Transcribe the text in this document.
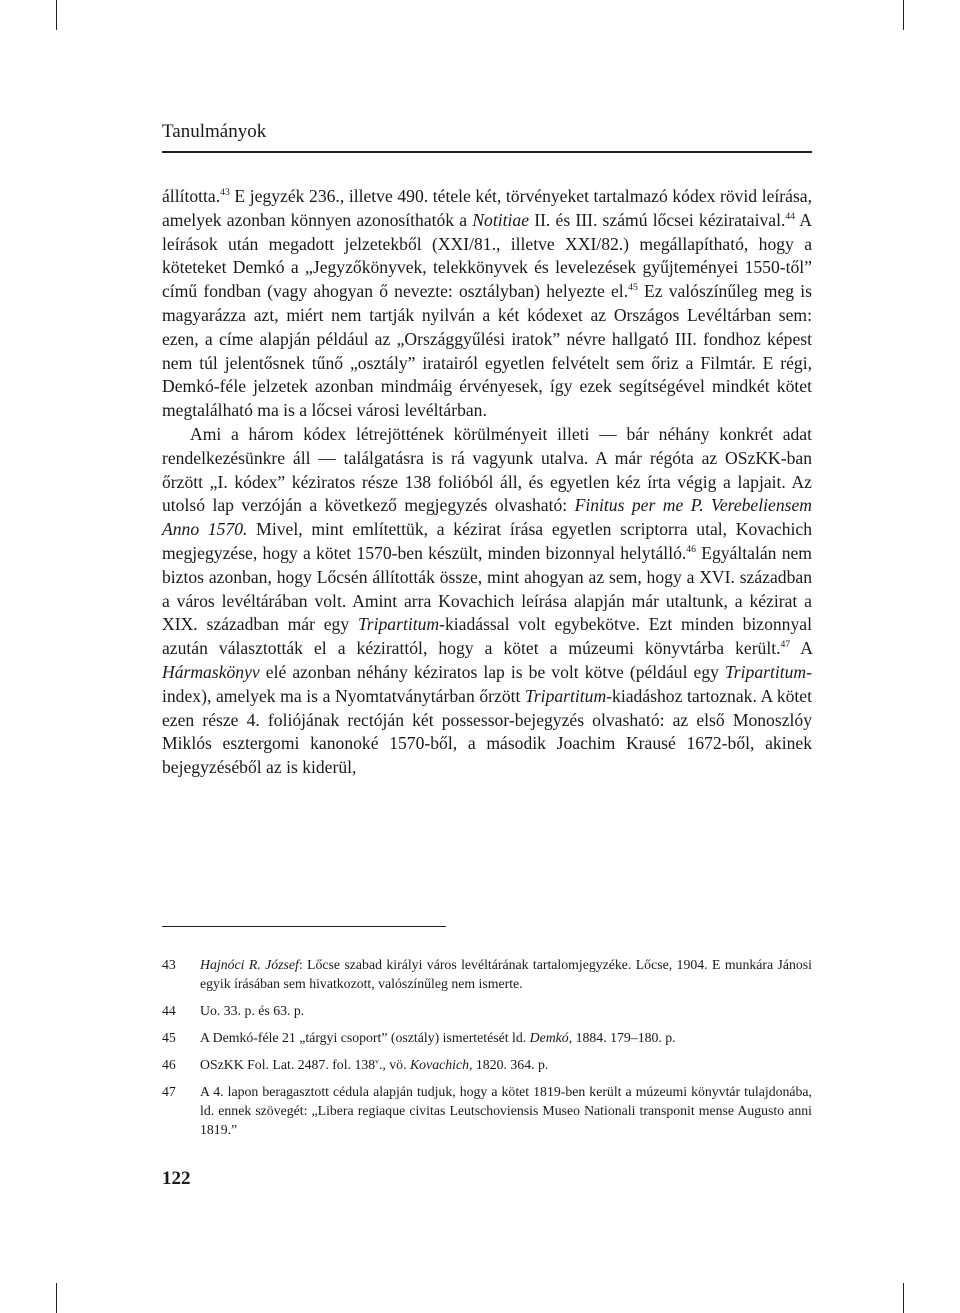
Tanulmányok

állította.$^{43}$ E jegyzék 236., illetve 490. tétele két, törvényeket tartalmazó kódex rövid leírása, amelyek azonban könnyen azonosíthatók a Notitiae II. és III. számú lőcsei kézirataival.$^{44}$ A leírások után megadott jelzetekből (XXI/81., illetve XXI/82.) megállapítható, hogy a köteteket Demkó a „Jegyzőkönyvek, telekkönyvek és levelezések gyűjteményei 1550-től” című fondban (vagy ahogyan ő nevezte: osztályban) helyezte el.$^{45}$ Ez valószínűleg meg is magyarázza azt, miért nem tartják nyilván a két kódexet az Országos Levéltárban sem: ezen, a címe alapján például az „Országgyűlési iratok” névre hallgató III. fondhoz képest nem túl jelentősnek tűnő „osztály” iratairól egyetlen felvételt sem őriz a Filmtár. E régi, Demkó-féle jelzetek azonban mindmáig érvényesek, így ezek segítségével mindkét kötet megtalálható ma is a lőcsei városi levéltárban.

Ami a három kódex létrejöttének körülményeit illeti — bár néhány konkrét adat rendelkezésünkre áll — találgatásra is rá vagyunk utalva. A már régóta az OSzKK-ban őrzött „I. kódex” kéziratos része 138 folióból áll, és egyetlen kéz írta végig a lapjait. Az utolsó lap verzóján a következő megjegyzés olvasható: Finitus per me P. Verebeliensem Anno 1570. Mivel, mint említettük, a kézirat írása egyetlen scriptorra utal, Kovachich megjegyzése, hogy a kötet 1570-ben készült, minden bizonnyal helytálló.$^{46}$ Egyáltalán nem biztos azonban, hogy Lőcsén állították össze, mint ahogyan az sem, hogy a XVI. században a város levéltárában volt. Amint arra Kovachich leírása alapján már utaltunk, a kézirat a XIX. században már egy Tripartitum-kiadással volt egybekötve. Ezt minden bizonnyal azután választották el a kézirattól, hogy a kötet a múzeumi könyvtárba került.$^{47}$ A Hármaskönyv elé azonban néhány kéziratos lap is be volt kötve (például egy Tripartitum-index), amelyek ma is a Nyomtatványtárban őrzött Tripartitum-kiadáshoz tartoznak. A kötet ezen része 4. foliójának rectóján két possessor-bejegyzés olvasható: az első Monoszlóy Miklós esztergomi kanonoké 1570-ből, a második Joachim Krausé 1672-ből, akinek bejegyzéséből az is kiderül,

43	Hajnóci R. József: Lőcse szabad királyi város levéltárának tartalomjegyzéke. Lőcse, 1904. E munkára Jánosi egyik írásában sem hivatkozott, valószínűleg nem ismerte.
44	Uo. 33. p. és 63. p.
45	A Demkó-féle 21 „tárgyi csoport” (osztály) ismertetését ld. Demkó, 1884. 179–180. p.
46	OSzKK Fol. Lat. 2487. fol. 138$^v$., vö. Kovachich, 1820. 364. p.
47	A 4. lapon beragasztott cédula alapján tudjuk, hogy a kötet 1819-ben került a múzeumi könyvtár tulajdonába, ld. ennek szövegét: „Libera regiaque civitas Leutschoviensis Museo Nationali transponit mense Augusto anni 1819.”
122
